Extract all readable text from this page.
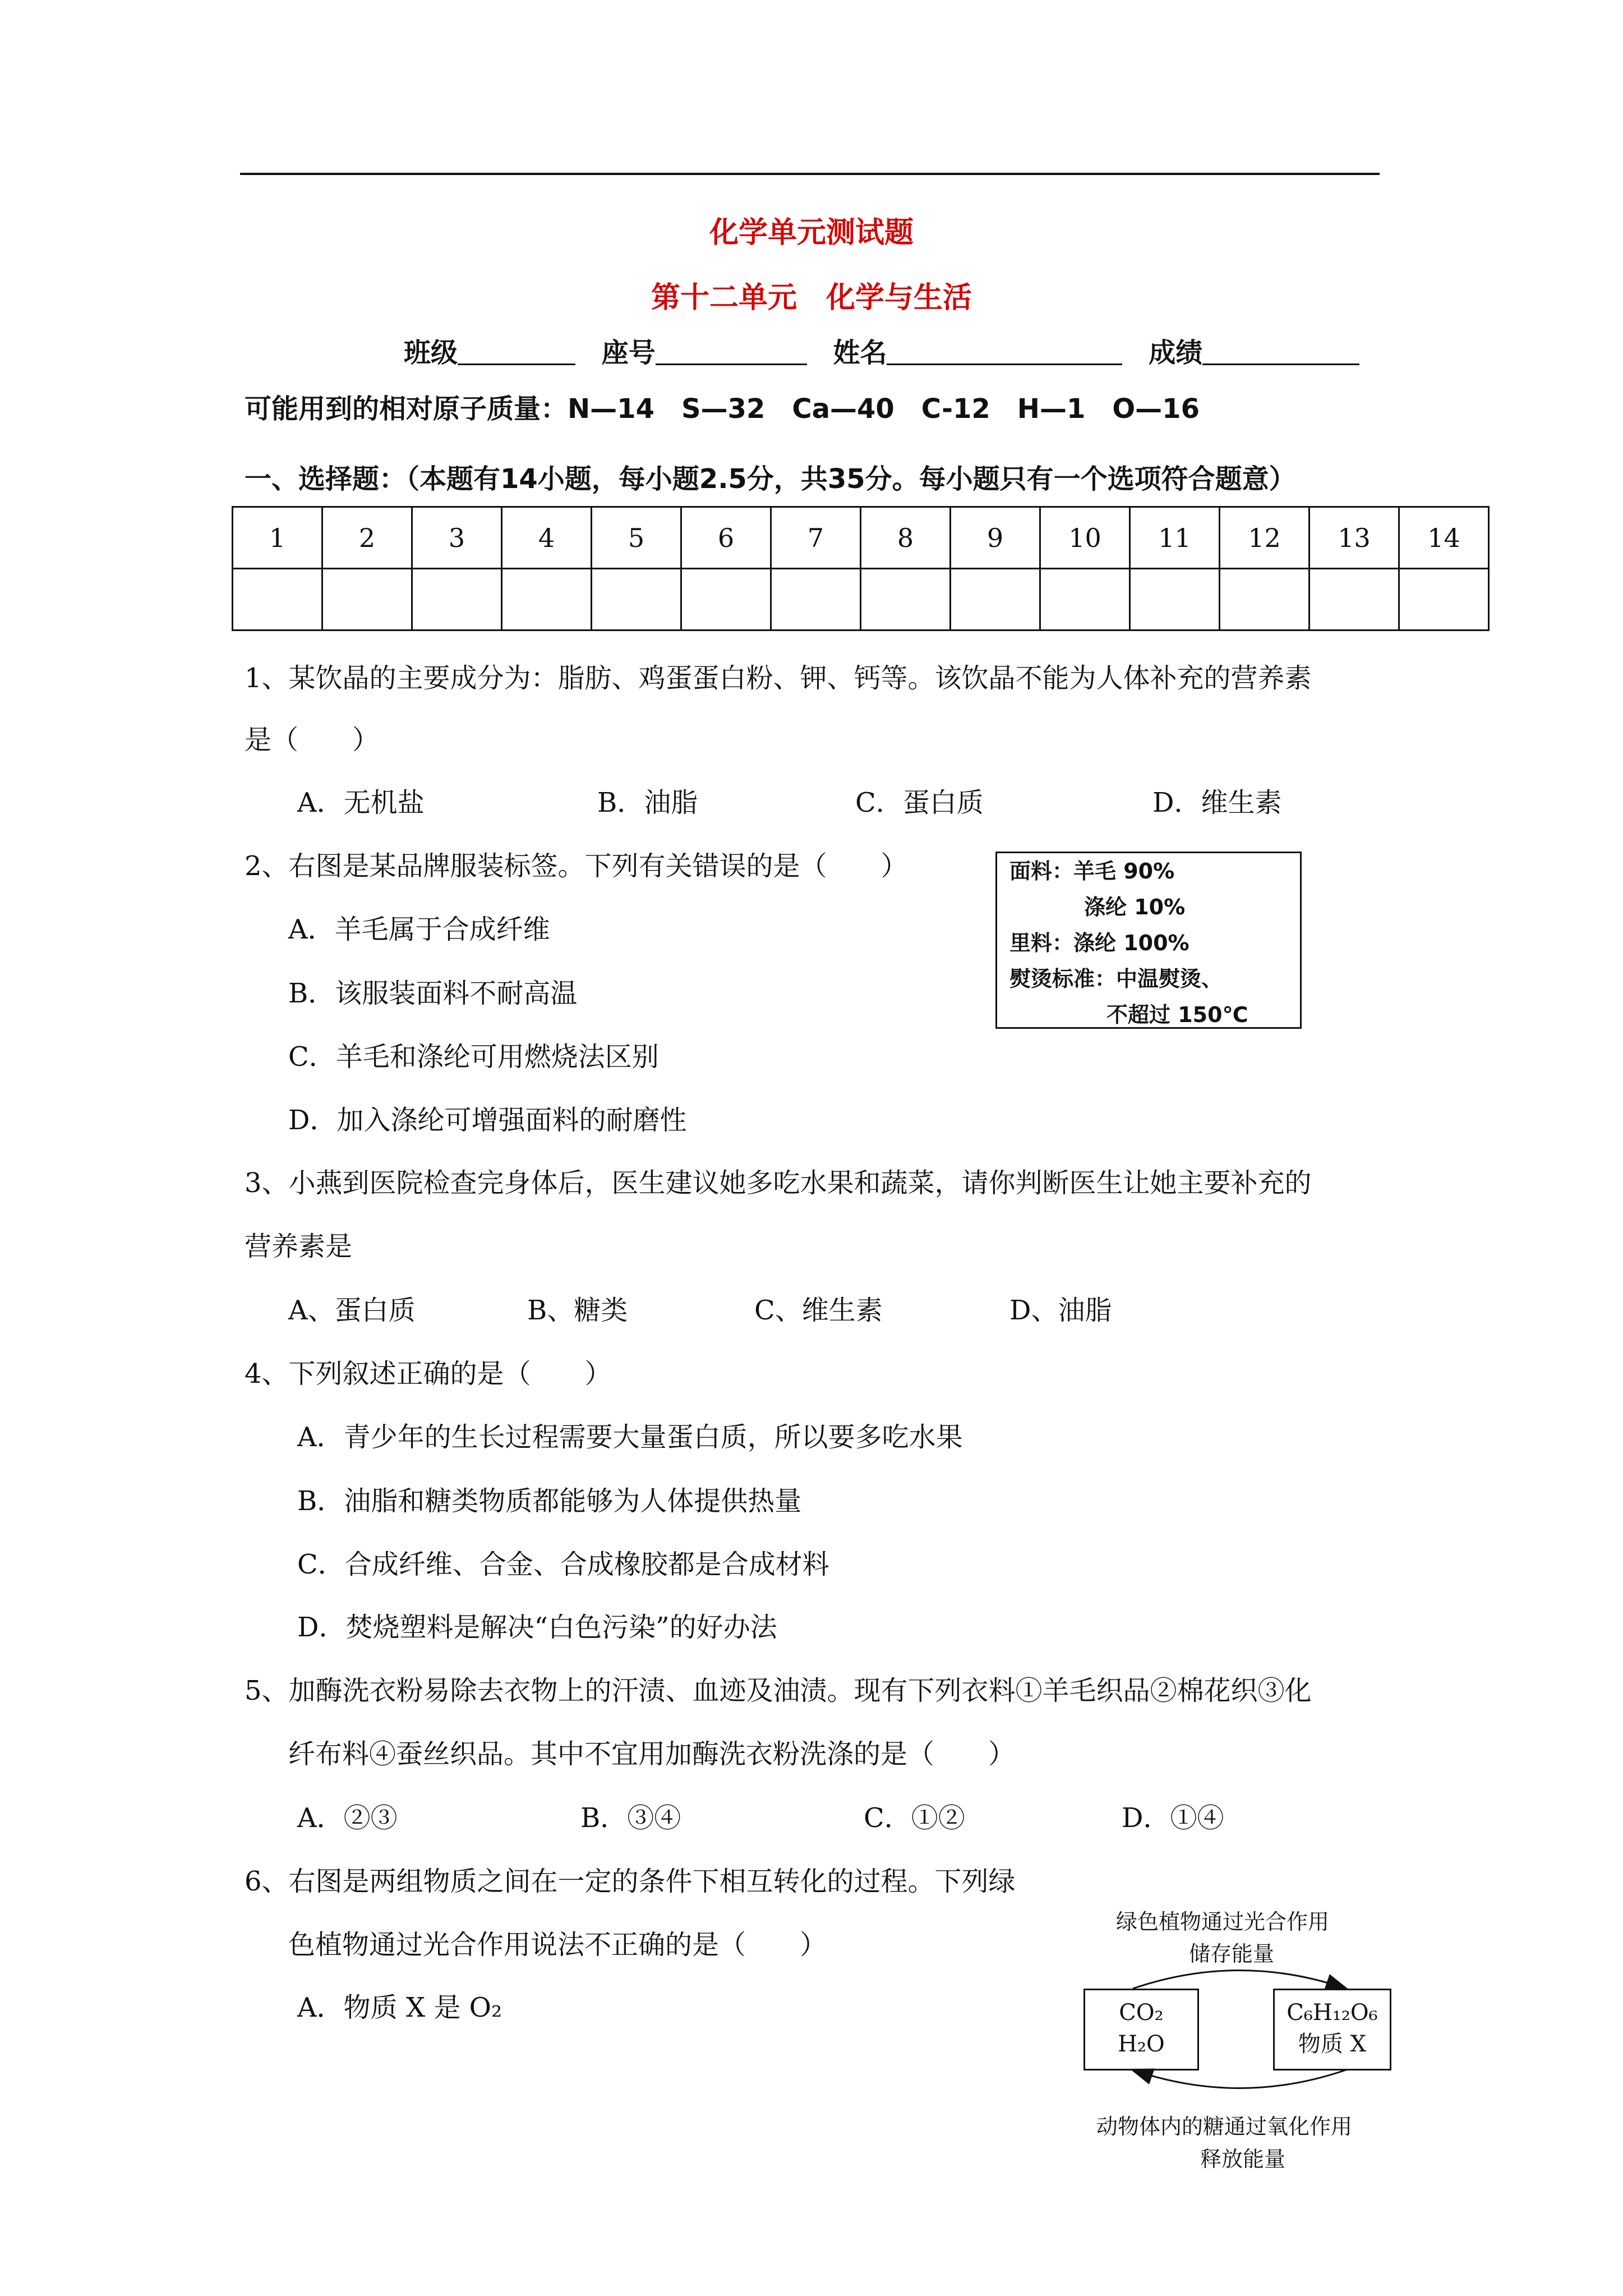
化学单元测试题
第十二单元　化学与生活
班级	座号	姓名	成绩
可能用到的相对原子质量：N—14　S—32　Ca—40　C-12　H—1　O—16
一、选择题：（本题有14小题，每小题2.5分，共35分。每小题只有一个选项符合题意）
1	2	3	4	5	6	7	8	9	10	11	12	13	14

1、某饮晶的主要成分为：脂肪、鸡蛋蛋白粉、钾、钙等。该饮晶不能为人体补充的营养素
是（　　）
A．无机盐	B．油脂	C．蛋白质	D．维生素
2、右图是某品牌服装标签。下列有关错误的是（　　）
A．羊毛属于合成纤维
B．该服装面料不耐高温
C．羊毛和涤纶可用燃烧法区别
D．加入涤纶可增强面料的耐磨性
面料：羊毛 90%
涤纶 10%
里料：涤纶 100%
熨烫标准：中温熨烫、
不超过 150℃
3、小燕到医院检查完身体后，医生建议她多吃水果和蔬菜，请你判断医生让她主要补充的
营养素是
A、蛋白质	B、糖类	C、维生素	D、油脂
4、下列叙述正确的是（　　）
A．青少年的生长过程需要大量蛋白质，所以要多吃水果
B．油脂和糖类物质都能够为人体提供热量
C．合成纤维、合金、合成橡胶都是合成材料
D．焚烧塑料是解决“白色污染”的好办法
5、加酶洗衣粉易除去衣物上的汗渍、血迹及油渍。现有下列衣料①羊毛织品②棉花织③化
纤布料④蚕丝织品。其中不宜用加酶洗衣粉洗涤的是（　　）
A．②③	B．③④	C．①②	D．①④
6、右图是两组物质之间在一定的条件下相互转化的过程。下列绿
色植物通过光合作用说法不正确的是（　　）
A．物质 X 是 O₂
绿色植物通过光合作用
储存能量
CO₂
H₂O
C₆H₁₂O₆
物质 X
动物体内的糖通过氧化作用
释放能量
